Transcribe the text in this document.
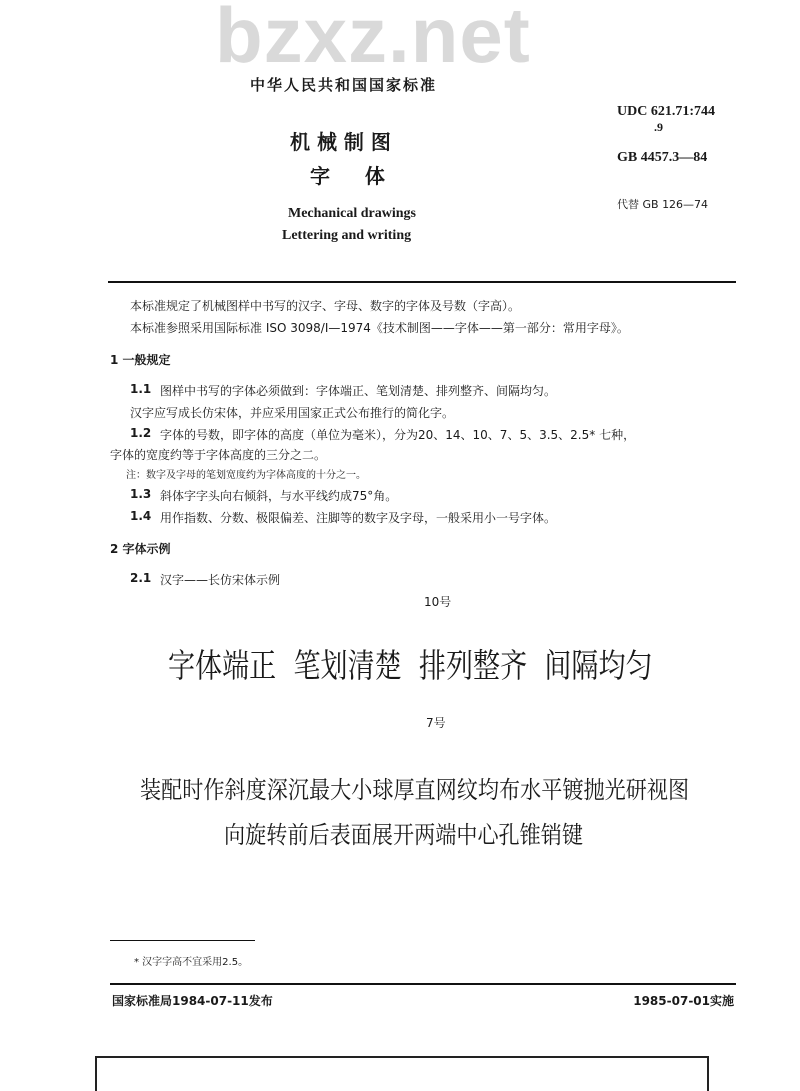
bzxz.net
中华人民共和国国家标准
机 械 制 图
字     体
Mechanical drawings
Lettering and writing
UDC 621.71:744
.9
GB 4457.3—84
代替 GB 126—74
本标准规定了机械图样中书写的汉字、字母、数字的字体及号数（字高）。
本标准参照采用国际标准 ISO 3098/I—1974《技术制图——字体——第一部分：常用字母》。
1 一般规定
1.1 图样中书写的字体必须做到：字体端正、笔划清楚、排列整齐、间隔均匀。
汉字应写成长仿宋体，并应采用国家正式公布推行的简化字。
1.2 字体的号数，即字体的高度（单位为毫米），分为20、14、10、7、5、3.5、2.5* 七种，
字体的宽度约等于字体高度的三分之二。
注：数字及字母的笔划宽度约为字体高度的十分之一。
1.3 斜体字字头向右倾斜，与水平线约成75°角。
1.4 用作指数、分数、极限偏差、注脚等的数字及字母，一般采用小一号字体。
2 字体示例
2.1 汉字——长仿宋体示例
10号
字体端正  笔划清楚  排列整齐  间隔均匀
7号
装配时作斜度深沉最大小球厚直网纹均布水平镀抛光研视图
向旋转前后表面展开两端中心孔锥销键
* 汉字字高不宜采用2.5。
国家标准局1984-07-11发布	1985-07-01实施
